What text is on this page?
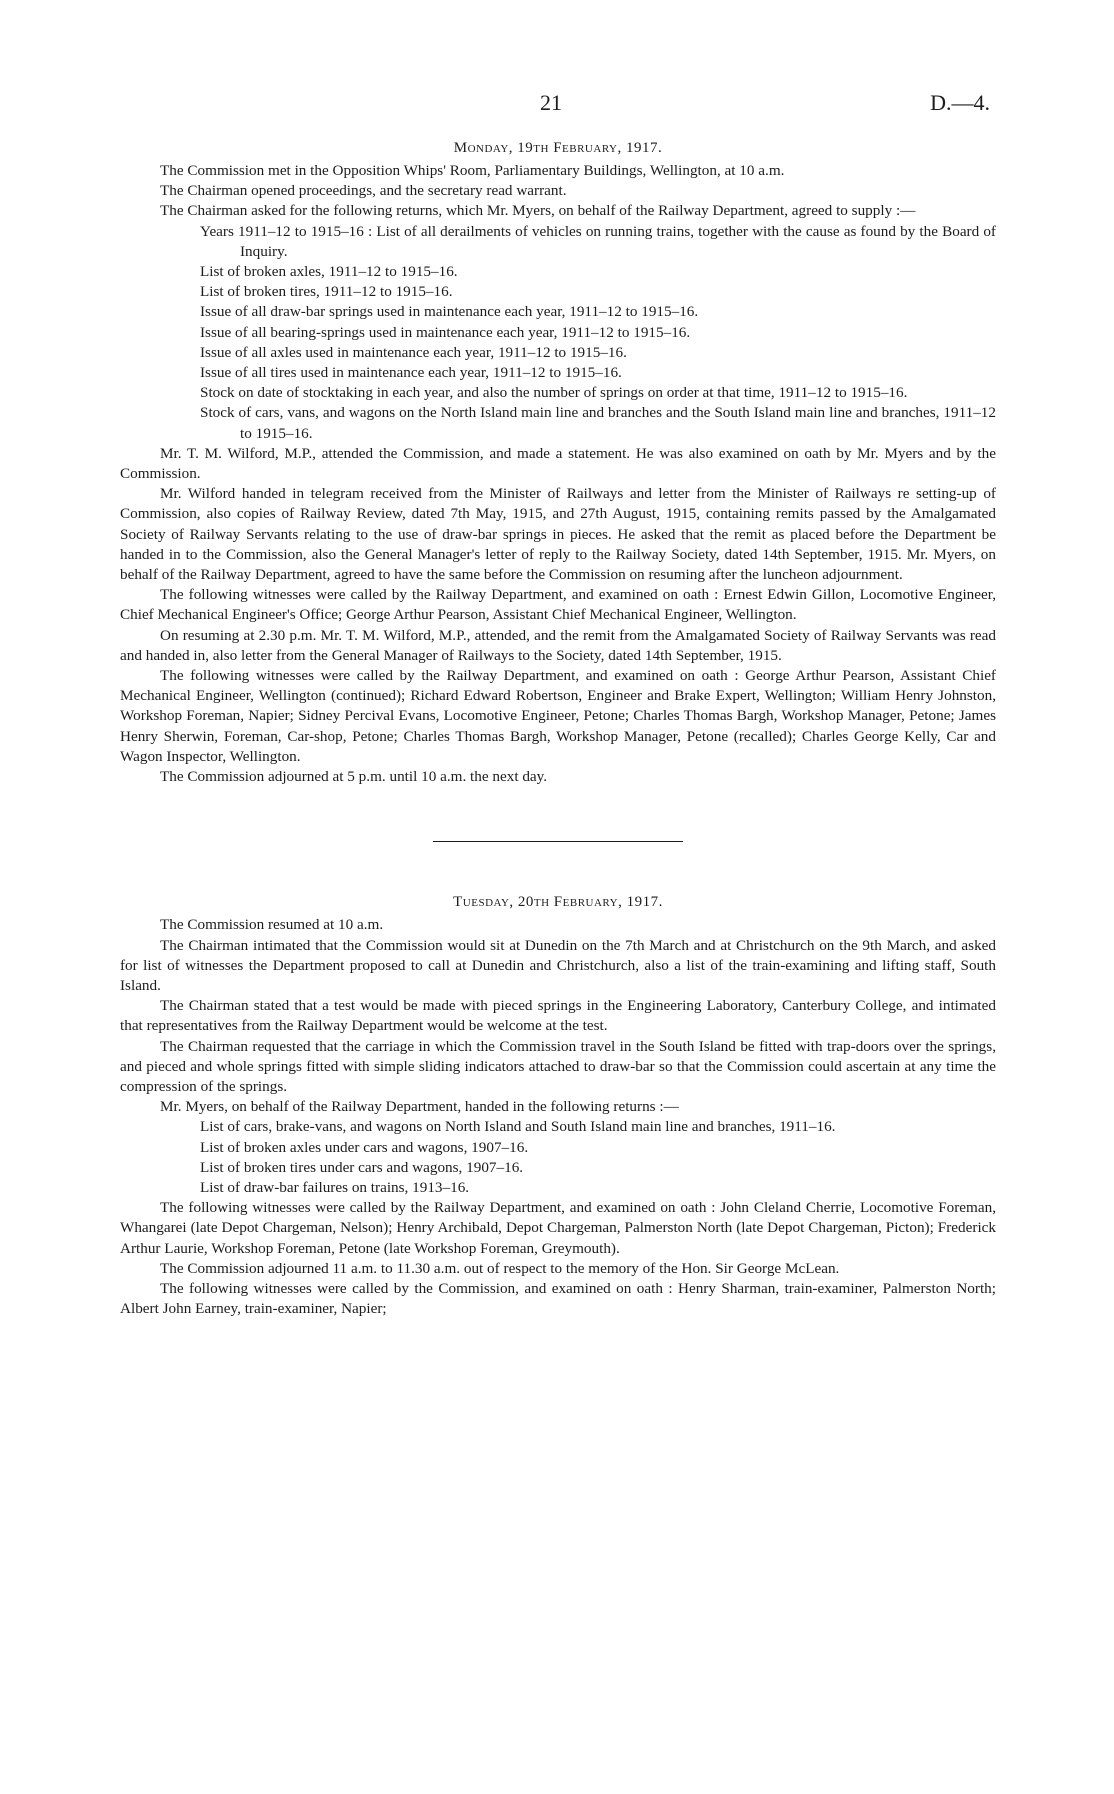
21	D.—4.
Monday, 19th February, 1917.

The Commission met in the Opposition Whips' Room, Parliamentary Buildings, Wellington, at 10 a.m.

The Chairman opened proceedings, and the secretary read warrant.

The Chairman asked for the following returns, which Mr. Myers, on behalf of the Railway Department, agreed to supply :—

Years 1911–12 to 1915–16 : List of all derailments of vehicles on running trains, together with the cause as found by the Board of Inquiry.
List of broken axles, 1911–12 to 1915–16.
List of broken tires, 1911–12 to 1915–16.
Issue of all draw-bar springs used in maintenance each year, 1911–12 to 1915–16.
Issue of all bearing-springs used in maintenance each year, 1911–12 to 1915–16.
Issue of all axles used in maintenance each year, 1911–12 to 1915–16.
Issue of all tires used in maintenance each year, 1911–12 to 1915–16.
Stock on date of stocktaking in each year, and also the number of springs on order at that time, 1911–12 to 1915–16.
Stock of cars, vans, and wagons on the North Island main line and branches and the South Island main line and branches, 1911–12 to 1915–16.

Mr. T. M. Wilford, M.P., attended the Commission, and made a statement. He was also examined on oath by Mr. Myers and by the Commission.

Mr. Wilford handed in telegram received from the Minister of Railways and letter from the Minister of Railways re setting-up of Commission, also copies of Railway Review, dated 7th May, 1915, and 27th August, 1915, containing remits passed by the Amalgamated Society of Railway Servants relating to the use of draw-bar springs in pieces. He asked that the remit as placed before the Department be handed in to the Commission, also the General Manager's letter of reply to the Railway Society, dated 14th September, 1915. Mr. Myers, on behalf of the Railway Department, agreed to have the same before the Commission on resuming after the luncheon adjournment.

The following witnesses were called by the Railway Department, and examined on oath : Ernest Edwin Gillon, Locomotive Engineer, Chief Mechanical Engineer's Office; George Arthur Pearson, Assistant Chief Mechanical Engineer, Wellington.

On resuming at 2.30 p.m. Mr. T. M. Wilford, M.P., attended, and the remit from the Amalgamated Society of Railway Servants was read and handed in, also letter from the General Manager of Railways to the Society, dated 14th September, 1915.

The following witnesses were called by the Railway Department, and examined on oath : George Arthur Pearson, Assistant Chief Mechanical Engineer, Wellington (continued); Richard Edward Robertson, Engineer and Brake Expert, Wellington; William Henry Johnston, Workshop Foreman, Napier; Sidney Percival Evans, Locomotive Engineer, Petone; Charles Thomas Bargh, Workshop Manager, Petone; James Henry Sherwin, Foreman, Car-shop, Petone; Charles Thomas Bargh, Workshop Manager, Petone (recalled); Charles George Kelly, Car and Wagon Inspector, Wellington.

The Commission adjourned at 5 p.m. until 10 a.m. the next day.

Tuesday, 20th February, 1917.

The Commission resumed at 10 a.m.

The Chairman intimated that the Commission would sit at Dunedin on the 7th March and at Christchurch on the 9th March, and asked for list of witnesses the Department proposed to call at Dunedin and Christchurch, also a list of the train-examining and lifting staff, South Island.

The Chairman stated that a test would be made with pieced springs in the Engineering Laboratory, Canterbury College, and intimated that representatives from the Railway Department would be welcome at the test.

The Chairman requested that the carriage in which the Commission travel in the South Island be fitted with trap-doors over the springs, and pieced and whole springs fitted with simple sliding indicators attached to draw-bar so that the Commission could ascertain at any time the compression of the springs.

Mr. Myers, on behalf of the Railway Department, handed in the following returns :—

List of cars, brake-vans, and wagons on North Island and South Island main line and branches, 1911–16.
List of broken axles under cars and wagons, 1907–16.
List of broken tires under cars and wagons, 1907–16.
List of draw-bar failures on trains, 1913–16.

The following witnesses were called by the Railway Department, and examined on oath : John Cleland Cherrie, Locomotive Foreman, Whangarei (late Depot Chargeman, Nelson); Henry Archibald, Depot Chargeman, Palmerston North (late Depot Chargeman, Picton); Frederick Arthur Laurie, Workshop Foreman, Petone (late Workshop Foreman, Greymouth).

The Commission adjourned 11 a.m. to 11.30 a.m. out of respect to the memory of the Hon. Sir George McLean.

The following witnesses were called by the Commission, and examined on oath : Henry Sharman, train-examiner, Palmerston North; Albert John Earney, train-examiner, Napier;
